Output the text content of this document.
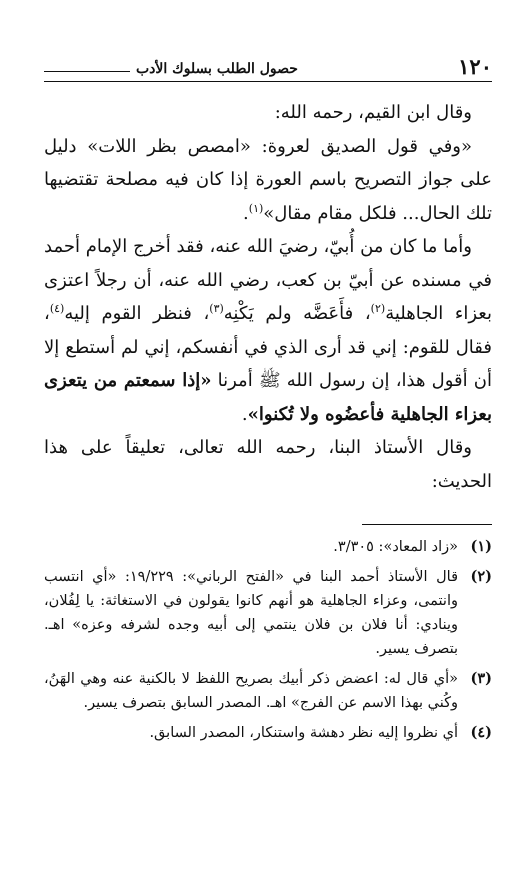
١٢٠
حصول الطلب بسلوك الأدب

وقال ابن القيم، رحمه الله:

«وفي قول الصديق لعروة: «امصص بظر اللات» دليل على جواز التصريح باسم العورة إذا كان فيه مصلحة تقتضيها تلك الحال... فلكل مقام مقال»$^{(١)}$.

وأما ما كان من أُبيّ، رضيَ الله عنه، فقد أخرج الإمام أحمد في مسنده عن أبيّ بن كعب، رضي الله عنه، أن رجلاً اعتزى بعزاء الجاهلية$^{(٢)}$، فأَعَضَّه ولم يَكْنِه$^{(٣)}$، فنظر القوم إليه$^{(٤)}$، فقال للقوم: إني قد أرى الذي في أنفسكم، إني لم أستطع إلا أن أقول هذا، إن رسول الله ﷺ أمرنا «إذا سمعتم من يتعزى بعزاء الجاهلية فأعضُوه ولا تُكنوا».

وقال الأستاذ البنا، رحمه الله تعالى، تعليقاً على هذا الحديث:

(١)
«زاد المعاد»: ٣/٣٠٥.
(٢)
قال الأستاذ أحمد البنا في «الفتح الرباني»: ١٩/٢٢٩: «أي انتسب وانتمى، وعزاء الجاهلية هو أنهم كانوا يقولون في الاستغاثة: يا لِفُلان، وينادي: أنا فلان بن فلان ينتمي إلى أبيه وجده لشرفه وعزه» اهـ. بتصرف يسير.
(٣)
«أي قال له: اعضض ذكر أبيك بصريح اللفظ لا بالكنية عنه وهي الهَنُ، وكُني بهذا الاسم عن الفرج» اهـ. المصدر السابق بتصرف يسير.
(٤)
أي نظروا إليه نظر دهشة واستنكار، المصدر السابق.
